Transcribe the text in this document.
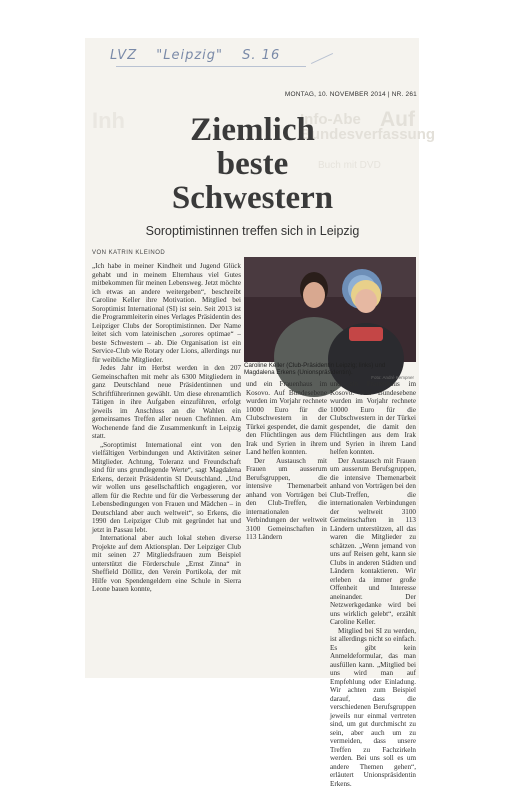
LVZ "Leipzig" S. 16
Inh	Info-Abe Bundesverfassung
Auf
Buch mit DVD
MONTAG, 10. NOVEMBER 2014 | NR. 261
Ziemlich
beste
Schwestern
Soroptimistinnen treffen sich in Leipzig
VON KATRIN KLEINOD

„Ich habe in meiner Kindheit und Jugend Glück gehabt und in meinem Elternhaus viel Gutes mitbekommen für meinen Lebensweg. Jetzt möchte ich etwas an andere weitergeben“, beschreibt Caroline Keller ihre Motivation. Mitglied bei Soroptimist International (SI) ist sein. Seit 2013 ist die Programmleiterin eines Verlages Präsidentin des Leipziger Clubs der Soroptimistinnen. Der Name leitet sich vom lateinischen „sorores optimae“ – beste Schwestern – ab. Die Organisation ist ein Service-Club wie Rotary oder Lions, allerdings nur für weibliche Mitglieder.

Jedes Jahr im Herbst werden in den 207 Gemeinschaften mit mehr als 6300 Mitgliedern in ganz Deutschland neue Präsidentinnen und Schriftführerinnen gewählt. Um diese ehrenamtlich Tätigen in ihre Aufgaben einzuführen, erfolgt jeweils im Anschluss an die Wahlen ein gemeinsames Treffen aller neuen Chefinnen. Am Wochenende fand die Zusammenkunft in Leipzig statt.

„Soroptimist International eint von den vielfältigen Verbindungen und Aktivitäten seiner Mitglieder. Achtung, Toleranz und Freundschaft sind für uns grundlegende Werte“, sagt Magdalena Erkens, derzeit Präsidentin SI Deutschland. „Und wir wollen uns gesellschaftlich engagieren, vor allem für die Rechte und für die Verbesserung der Lebensbedingungen von Frauen und Mädchen – in Deutschland aber auch weltweit“, so Erkens, die 1990 den Leipziger Club mit gegründet hat und jetzt in Passau lebt.

International aber auch lokal stehen diverse Projekte auf dem Aktionsplan. Der Leipziger Club mit seinen 27 Mitgliedsfrauen zum Beispiel unterstützt die Förderschule „Ernst Zinna“ in Sheffield Döll​itz, den Verein Portikola, der mit Hilfe von Spendengeldern eine Schule in Sierra Leone bauen konnte,

Caroline Keller (Club-Präsidentin Leipzig; links) und Magdalena Erkens (Unionspräsidentin).
Foto: André Kempner

und ein Frauenhaus im Kosovo. Auf Bundesebene wurden im Vorjahr rechnete 10000 Euro für die Clubschwestern in der Türkei gespendet, die damit den Flüchtlingen aus dem Irak und Syrien in ihrem Land helfen konnten.

Der Austausch mit Frauen um ausserum Berufsgruppen, die intensive Themenarbeit anhand von Vorträgen bei den Club-Treffen, die internationalen Verbindungen der weltweit 3100 Gemeinschaften in 113 Ländern

und ein Frauenhaus im Kosovo. Auf Bundesebene wurden im Vorjahr rechnete 10000 Euro für die Clubschwestern in der Türkei gespendet, die damit den Flüchtlingen aus dem Irak und Syrien in ihrem Land helfen konnten.

Der Austausch mit Frauen um ausserum Berufsgruppen, die intensive Themenarbeit anhand von Vorträgen bei den Club-Treffen, die internationalen Verbindungen der weltweit 3100 Gemeinschaften in 113 Ländern unterstützen, all das waren die Mitglieder zu schätzen. „Wenn jemand von uns auf Reisen geht, kann sie Clubs in anderen Städten und Ländern kontaktieren. Wir erleben da immer große Offenheit und Interesse aneinander. Der Netzwerkgedanke wird bei uns wirklich gelebt“, erzählt Caroline Keller.

Mitglied bei SI zu werden, ist allerdings nicht so einfach. Es gibt kein Anmeldeformular, das man ausfüllen kann. „Mitglied bei uns wird man auf Empfehlung oder Einladung. Wir achten zum Beispiel darauf, dass die verschiedenen Berufsgruppen jeweils nur einmal vertreten sind, um gut durchmischt zu sein, aber auch um zu vermeiden, dass unsere Treffen zu Fachzirkeln werden. Bei uns soll es um andere Themen gehen“, erläutert Unionspräsidentin Erkens.
